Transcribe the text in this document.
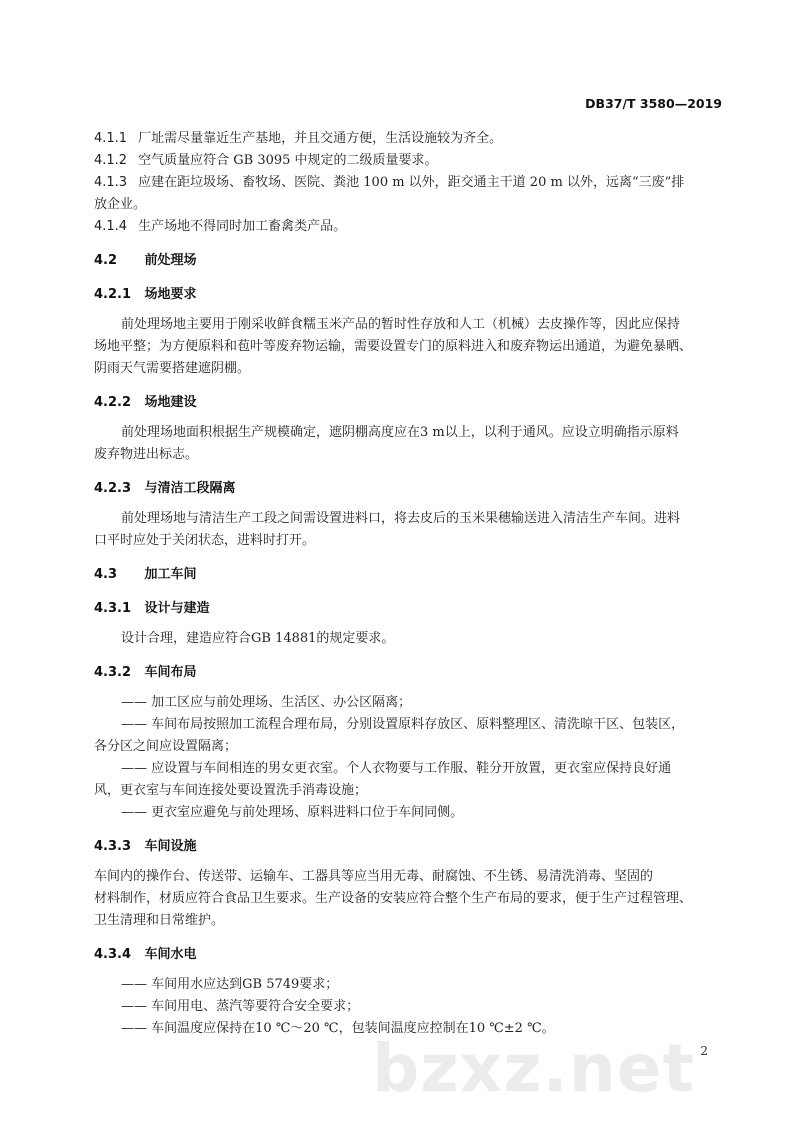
DB37/T 3580—2019
4.1.1 厂址需尽量靠近生产基地，并且交通方便，生活设施较为齐全。
4.1.2 空气质量应符合 GB 3095 中规定的二级质量要求。
4.1.3 应建在距垃圾场、畜牧场、医院、粪池 100 m 以外，距交通主干道 20 m 以外，远离“三废”排
放企业。
4.1.4 生产场地不得同时加工畜禽类产品。
4.2 前处理场
4.2.1 场地要求
前处理场地主要用于刚采收鲜食糯玉米产品的暂时性存放和人工（机械）去皮操作等，因此应保持
场地平整；为方便原料和苞叶等废弃物运输，需要设置专门的原料进入和废弃物运出通道，为避免暴晒、
阴雨天气需要搭建遮阴棚。
4.2.2 场地建设
前处理场地面积根据生产规模确定，遮阴棚高度应在3 m以上，以利于通风。应设立明确指示原料
废弃物进出标志。
4.2.3 与清洁工段隔离
前处理场地与清洁生产工段之间需设置进料口，将去皮后的玉米果穗输送进入清洁生产车间。进料
口平时应处于关闭状态，进料时打开。
4.3 加工车间
4.3.1 设计与建造
设计合理，建造应符合GB 14881的规定要求。
4.3.2 车间布局
—— 加工区应与前处理场、生活区、办公区隔离；
—— 车间布局按照加工流程合理布局，分别设置原料存放区、原料整理区、清洗晾干区、包装区，
各分区之间应设置隔离；
—— 应设置与车间相连的男女更衣室。个人衣物要与工作服、鞋分开放置，更衣室应保持良好通
风，更衣室与车间连接处要设置洗手消毒设施；
—— 更衣室应避免与前处理场、原料进料口位于车间同侧。
4.3.3 车间设施
车间内的操作台、传送带、运输车、工器具等应当用无毒、耐腐蚀、不生锈、易清洗消毒、坚固的
材料制作，材质应符合食品卫生要求。生产设备的安装应符合整个生产布局的要求，便于生产过程管理、
卫生清理和日常维护。
4.3.4 车间水电
—— 车间用水应达到GB 5749要求；
—— 车间用电、蒸汽等要符合安全要求；
—— 车间温度应保持在10 ℃～20 ℃，包装间温度应控制在10 ℃±2 ℃。
bzxz.net 2
